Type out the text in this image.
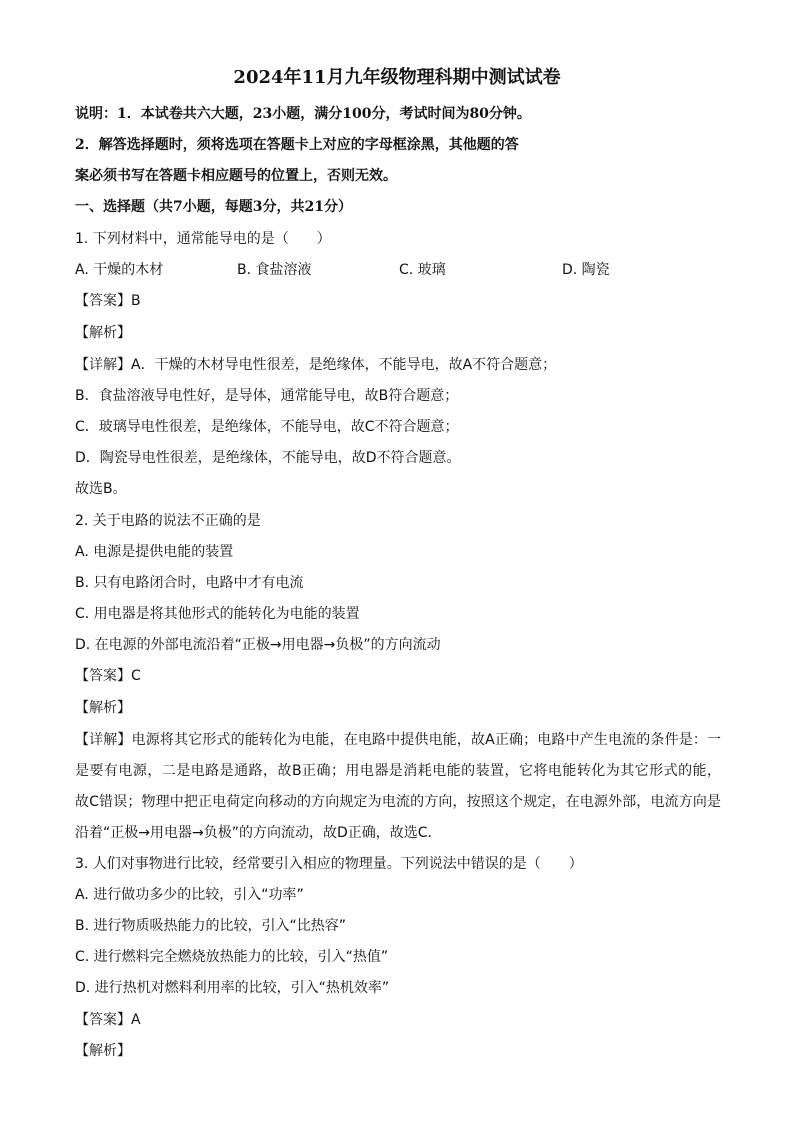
2024年11月九年级物理科期中测试试卷
说明：1．本试卷共六大题，23小题，满分100分，考试时间为80分钟。
2．解答选择题时，须将选项在答题卡上对应的字母框涂黑，其他题的答
案必须书写在答题卡相应题号的位置上，否则无效。
一、选择题（共7小题，每题3分，共21分）
1. 下列材料中，通常能导电的是（　　）
A. 干燥的木材	B. 食盐溶液	C. 玻璃	D. 陶瓷
【答案】B
【解析】
【详解】A．干燥的木材导电性很差，是绝缘体，不能导电，故A不符合题意；
B．食盐溶液导电性好，是导体，通常能导电，故B符合题意；
C．玻璃导电性很差，是绝缘体，不能导电，故C不符合题意；
D．陶瓷导电性很差，是绝缘体，不能导电，故D不符合题意。
故选B。
2. 关于电路的说法不正确的是
A. 电源是提供电能的装置
B. 只有电路闭合时，电路中才有电流
C. 用电器是将其他形式的能转化为电能的装置
D. 在电源的外部电流沿着“正极→用电器→负极”的方向流动
【答案】C
【解析】
【详解】电源将其它形式的能转化为电能，在电路中提供电能，故A正确；电路中产生电流的条件是：一
是要有电源，二是电路是通路，故B正确；用电器是消耗电能的装置，它将电能转化为其它形式的能，
故C错误；物理中把正电荷定向移动的方向规定为电流的方向，按照这个规定，在电源外部，电流方向是
沿着“正极→用电器→负极”的方向流动，故D正确，故选C．
3. 人们对事物进行比较，经常要引入相应的物理量。下列说法中错误的是（　　）
A. 进行做功多少的比较，引入“功率”
B. 进行物质吸热能力的比较，引入“比热容”
C. 进行燃料完全燃烧放热能力的比较，引入“热值”
D. 进行热机对燃料利用率的比较，引入“热机效率”
【答案】A
【解析】
